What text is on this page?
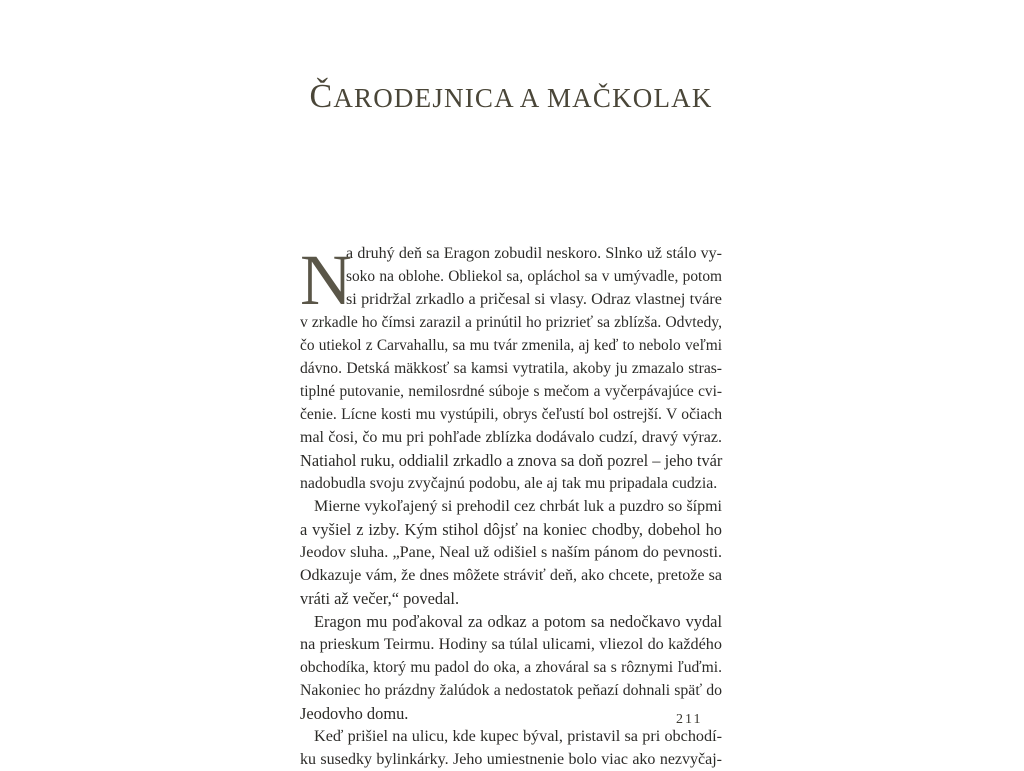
ČARODEJNICA A MAČKOLAK
N
a druhý deň sa Eragon zobudil neskoro. Slnko už stálo vy-
soko na oblohe. Obliekol sa, opláchol sa v umývadle, potom
si pridržal zrkadlo a pričesal si vlasy. Odraz vlastnej tváre
v zrkadle ho čímsi zarazil a prinútil ho prizrieť sa zblízša. Odvtedy,
čo utiekol z Carvahallu, sa mu tvár zmenila, aj keď to nebolo veľmi
dávno. Detská mäkkosť sa kamsi vytratila, akoby ju zmazalo stras-
tiplné putovanie, nemilosrdné súboje s mečom a vyčerpávajúce cvi-
čenie. Lícne kosti mu vystúpili, obrys čeľustí bol ostrejší. V očiach
mal čosi, čo mu pri pohľade zblízka dodávalo cudzí, dravý výraz.
Natiahol ruku, oddialil zrkadlo a znova sa doň pozrel – jeho tvár
nadobudla svoju zvyčajnú podobu, ale aj tak mu pripadala cudzia.
Mierne vykoľajený si prehodil cez chrbát luk a puzdro so šípmi
a vyšiel z izby. Kým stihol dôjsť na koniec chodby, dobehol ho
Jeodov sluha. „Pane, Neal už odišiel s naším pánom do pevnosti.
Odkazuje vám, že dnes môžete stráviť deň, ako chcete, pretože sa
vráti až večer,“ povedal.
Eragon mu poďakoval za odkaz a potom sa nedočkavo vydal
na prieskum Teirmu. Hodiny sa túlal ulicami, vliezol do každého
obchodíka, ktorý mu padol do oka, a zhováral sa s rôznymi ľuďmi.
Nakoniec ho prázdny žalúdok a nedostatok peňazí dohnali späť do
Jeodovho domu.
Keď prišiel na ulicu, kde kupec býval, pristavil sa pri obchodí-
ku susedky bylinkárky. Jeho umiestnenie bolo viac ako nezvyčaj-
211
